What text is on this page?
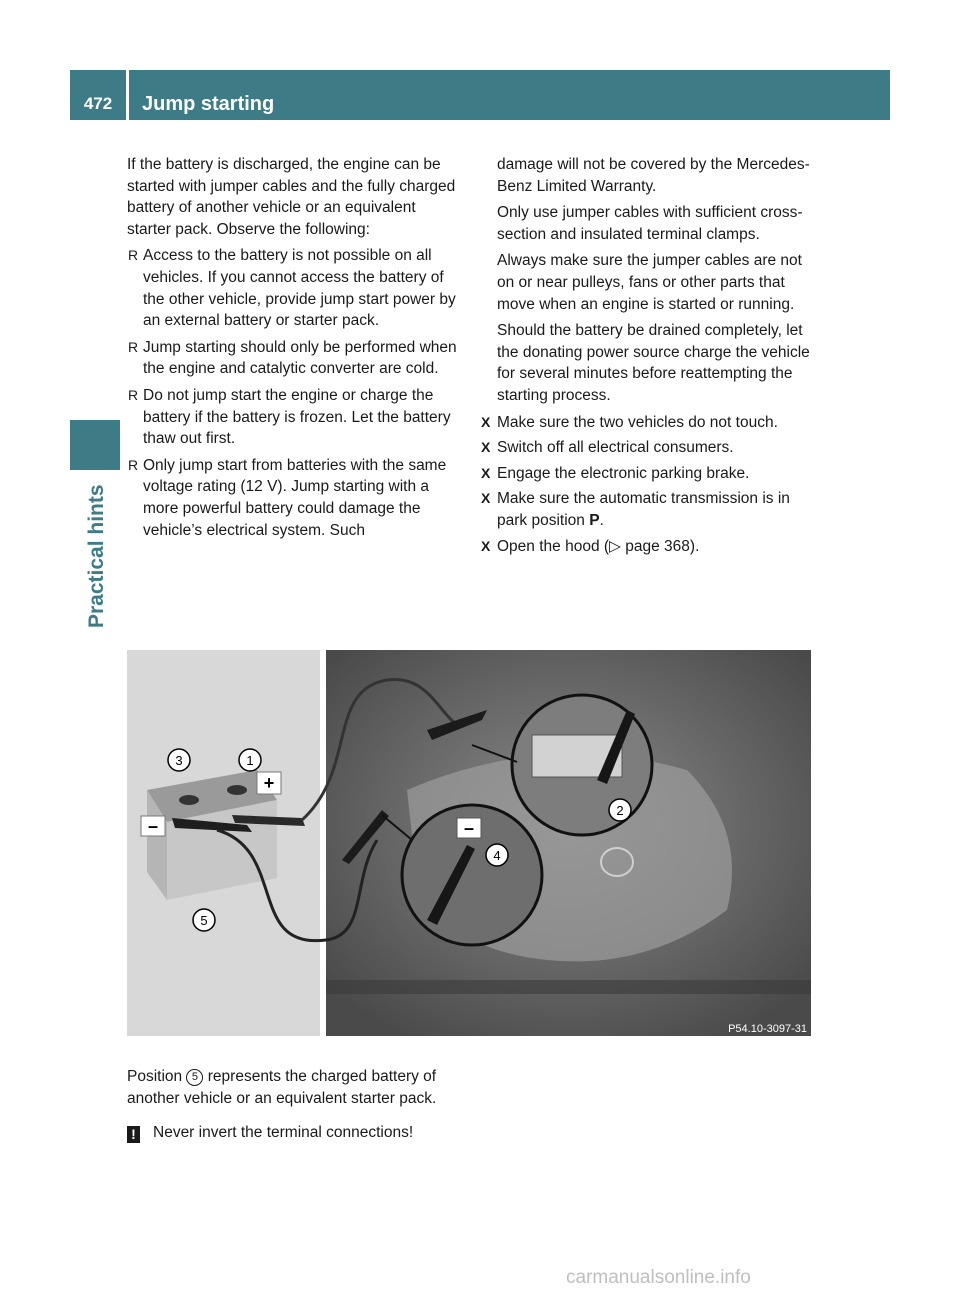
472	Jump starting
Practical hints

If the battery is discharged, the engine can be started with jumper cables and the fully charged battery of another vehicle or an equivalent starter pack. Observe the following:

R Access to the battery is not possible on all vehicles. If you cannot access the battery of the other vehicle, provide jump start power by an external battery or starter pack.
R Jump starting should only be performed when the engine and catalytic converter are cold.
R Do not jump start the engine or charge the battery if the battery is frozen. Let the battery thaw out first.
R Only jump start from batteries with the same voltage rating (12 V). Jump starting with a more powerful battery could damage the vehicle’s electrical system. Such

damage will not be covered by the Mercedes-Benz Limited Warranty.

Only use jumper cables with sufficient cross-section and insulated terminal clamps.
Always make sure the jumper cables are not on or near pulleys, fans or other parts that move when an engine is started or running.
Should the battery be drained completely, let the donating power source charge the vehicle for several minutes before reattempting the starting process.
X Make sure the two vehicles do not touch.
X Switch off all electrical consumers.
X Engage the electronic parking brake.
X Make sure the automatic transmission is in park position P.
X Open the hood (▷ page 368).
+
–	–
1
3
5
2
4
P54.10-3097-31
Position 5 represents the charged battery of another vehicle or an equivalent starter pack.
! Never invert the terminal connections!
carmanualsonline.info
